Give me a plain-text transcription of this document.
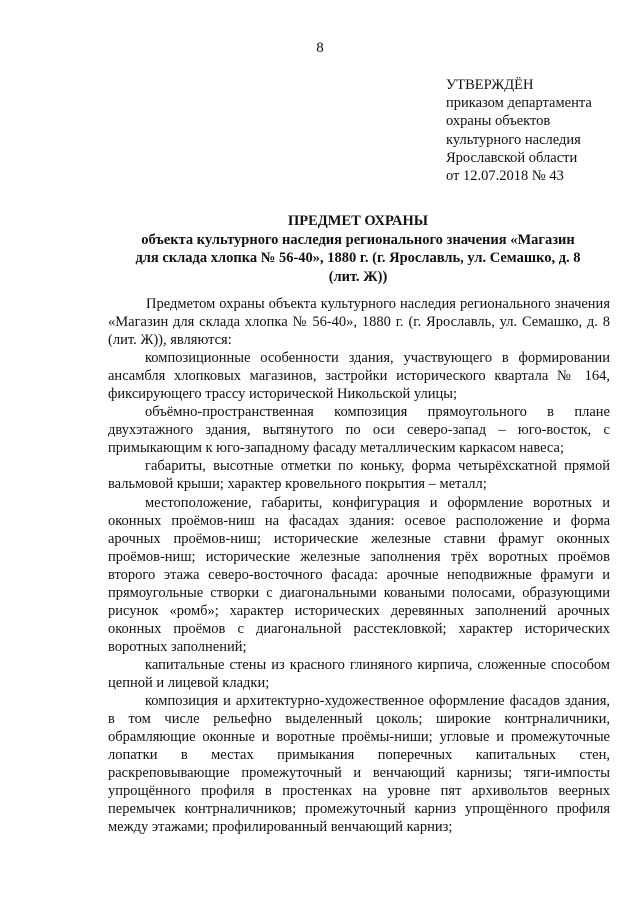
8
УТВЕРЖДЁН
приказом департамента
охраны объектов
культурного наследия
Ярославской области
от 12.07.2018 № 43
ПРЕДМЕТ ОХРАНЫ
объекта культурного наследия регионального значения «Магазин
для склада хлопка № 56-40», 1880 г. (г. Ярославль, ул. Семашко, д. 8
(лит. Ж))

Предметом охраны объекта культурного наследия регионального значения «Магазин для склада хлопка № 56-40», 1880 г. (г. Ярославль, ул. Семашко, д. 8 (лит. Ж)), являются:

композиционные особенности здания, участвующего в формировании ансамбля хлопковых магазинов, застройки исторического квартала № 164, фиксирующего трассу исторической Никольской улицы;

объёмно-пространственная композиция прямоугольного в плане двухэтажного здания, вытянутого по оси северо-запад – юго-восток, с примыкающим к юго-западному фасаду металлическим каркасом навеса;

габариты, высотные отметки по коньку, форма четырёхскатной прямой вальмовой крыши; характер кровельного покрытия – металл;

местоположение, габариты, конфигурация и оформление воротных и оконных проёмов-ниш на фасадах здания: осевое расположение и форма арочных проёмов-ниш; исторические железные ставни фрамуг оконных проёмов-ниш; исторические железные заполнения трёх воротных проёмов второго этажа северо-восточного фасада: арочные неподвижные фрамуги и прямоугольные створки с диагональными коваными полосами, образующими рисунок «ромб»; характер исторических деревянных заполнений арочных оконных проёмов с диагональной расстекловкой; характер исторических воротных заполнений;

капитальные стены из красного глиняного кирпича, сложенные способом цепной и лицевой кладки;

композиция и архитектурно-художественное оформление фасадов здания, в том числе рельефно выделенный цоколь; широкие контрналичники, обрамляющие оконные и воротные проёмы-ниши; угловые и промежуточные лопатки в местах примыкания поперечных капитальных стен, раскреповывающие промежуточный и венчающий карнизы; тяги-импосты упрощённого профиля в простенках на уровне пят архивольтов веерных перемычек контрналичников; промежуточный карниз упрощённого профиля между этажами; профилированный венчающий карниз;
